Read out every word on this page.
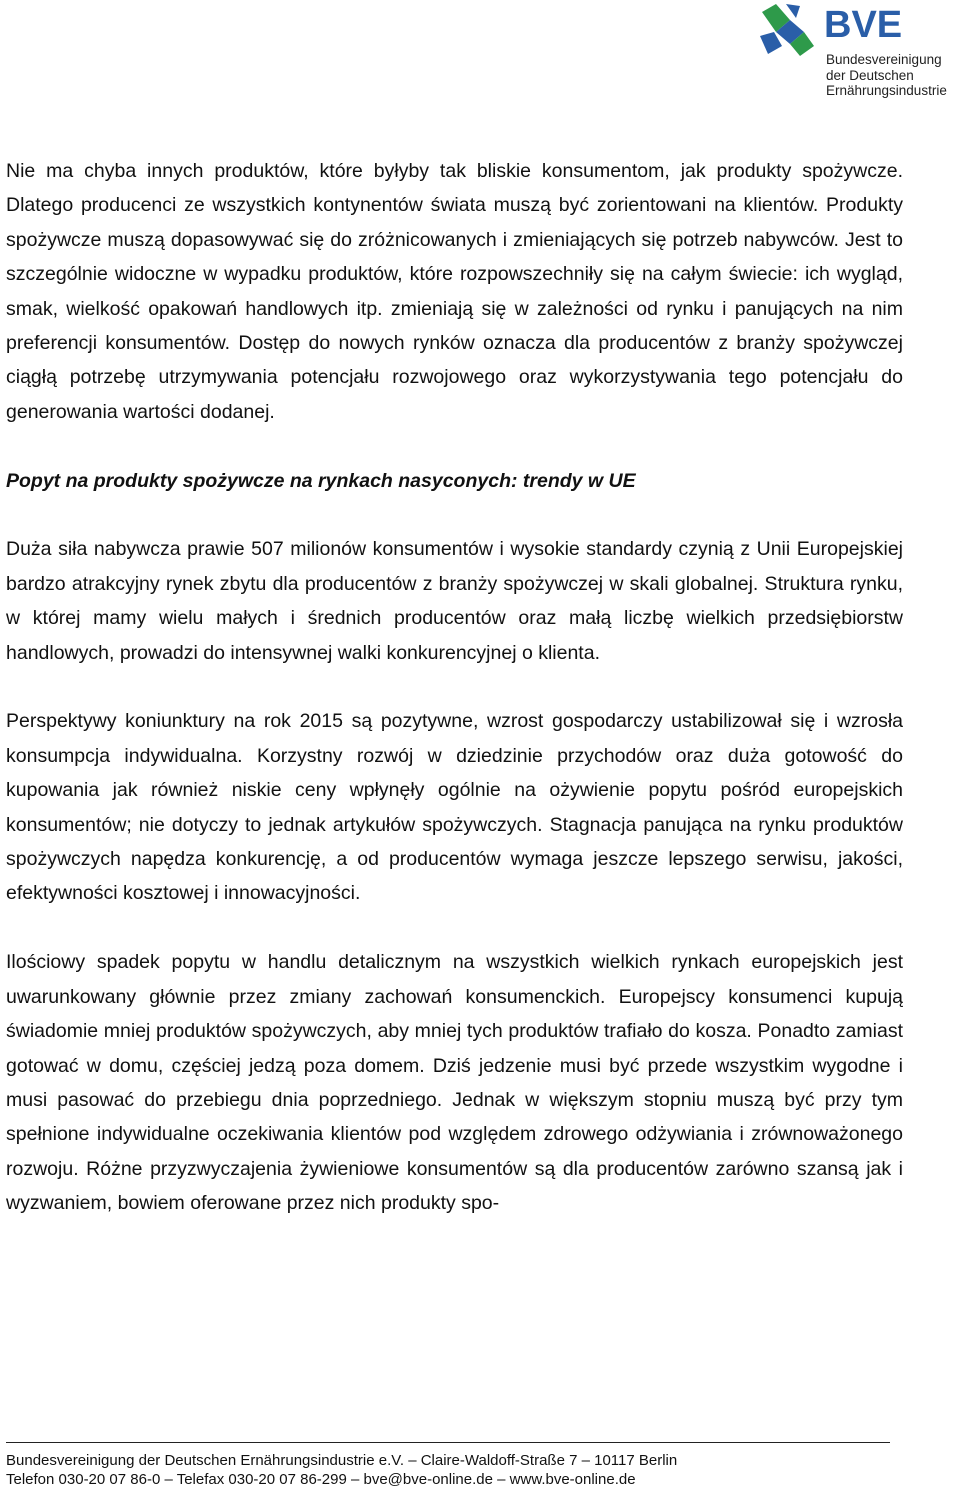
BVE
Bundesvereinigung
der Deutschen
Ernährungsindustrie

Nie ma chyba innych produktów, które byłyby tak bliskie konsumentom, jak produkty spożywcze. Dlatego producenci ze wszystkich kontynentów świata muszą być zorientowani na klientów. Produkty spożywcze muszą dopasowywać się do zróżnicowanych i zmieniających się potrzeb nabywców. Jest to szczególnie widoczne w wypadku produktów, które rozpowszechniły się na całym świecie: ich wygląd, smak, wielkość opakowań handlowych itp. zmieniają się w zależności od rynku i panujących na nim preferencji konsumentów. Dostęp do nowych rynków oznacza dla producentów z branży spożywczej ciągłą potrzebę utrzymywania potencjału rozwojowego oraz wykorzystywania tego potencjału do generowania wartości dodanej.

Popyt na produkty spożywcze na rynkach nasyconych: trendy w UE

Duża siła nabywcza prawie 507 milionów konsumentów i wysokie standardy czynią z Unii Europejskiej bardzo atrakcyjny rynek zbytu dla producentów z branży spożywczej w skali globalnej. Struktura rynku, w której mamy wielu małych i średnich producentów oraz małą liczbę wielkich przedsiębiorstw handlowych, prowadzi do intensywnej walki konkurencyjnej o klienta.

Perspektywy koniunktury na rok 2015 są pozytywne, wzrost gospodarczy ustabilizował się i wzrosła konsumpcja indywidualna. Korzystny rozwój w dziedzinie przychodów oraz duża gotowość do kupowania jak również niskie ceny wpłynęły ogólnie na ożywienie popytu pośród europejskich konsumentów; nie dotyczy to jednak artykułów spożywczych. Stagnacja panująca na rynku produktów spożywczych napędza konkurencję, a od producentów wymaga jeszcze lepszego serwisu, jakości, efektywności kosztowej i innowacyjności.

Ilościowy spadek popytu w handlu detalicznym na wszystkich wielkich rynkach europejskich jest uwarunkowany głównie przez zmiany zachowań konsumenckich. Europejscy konsumenci kupują świadomie mniej produktów spożywczych, aby mniej tych produktów trafiało do kosza. Ponadto zamiast gotować w domu, częściej jedzą poza domem. Dziś jedzenie musi być przede wszystkim wygodne i musi pasować do przebiegu dnia poprzedniego. Jednak w większym stopniu muszą być przy tym spełnione indywidualne oczekiwania klientów pod względem zdrowego odżywiania i zrównoważonego rozwoju. Różne przyzwyczajenia żywieniowe konsumentów są dla producentów zarówno szansą jak i wyzwaniem, bowiem oferowane przez nich produkty spo-

Bundesvereinigung der Deutschen Ernährungsindustrie e.V. – Claire-Waldoff-Straße 7 – 10117 Berlin
Telefon 030-20 07 86-0 – Telefax 030-20 07 86-299 – bve@bve-online.de – www.bve-online.de
